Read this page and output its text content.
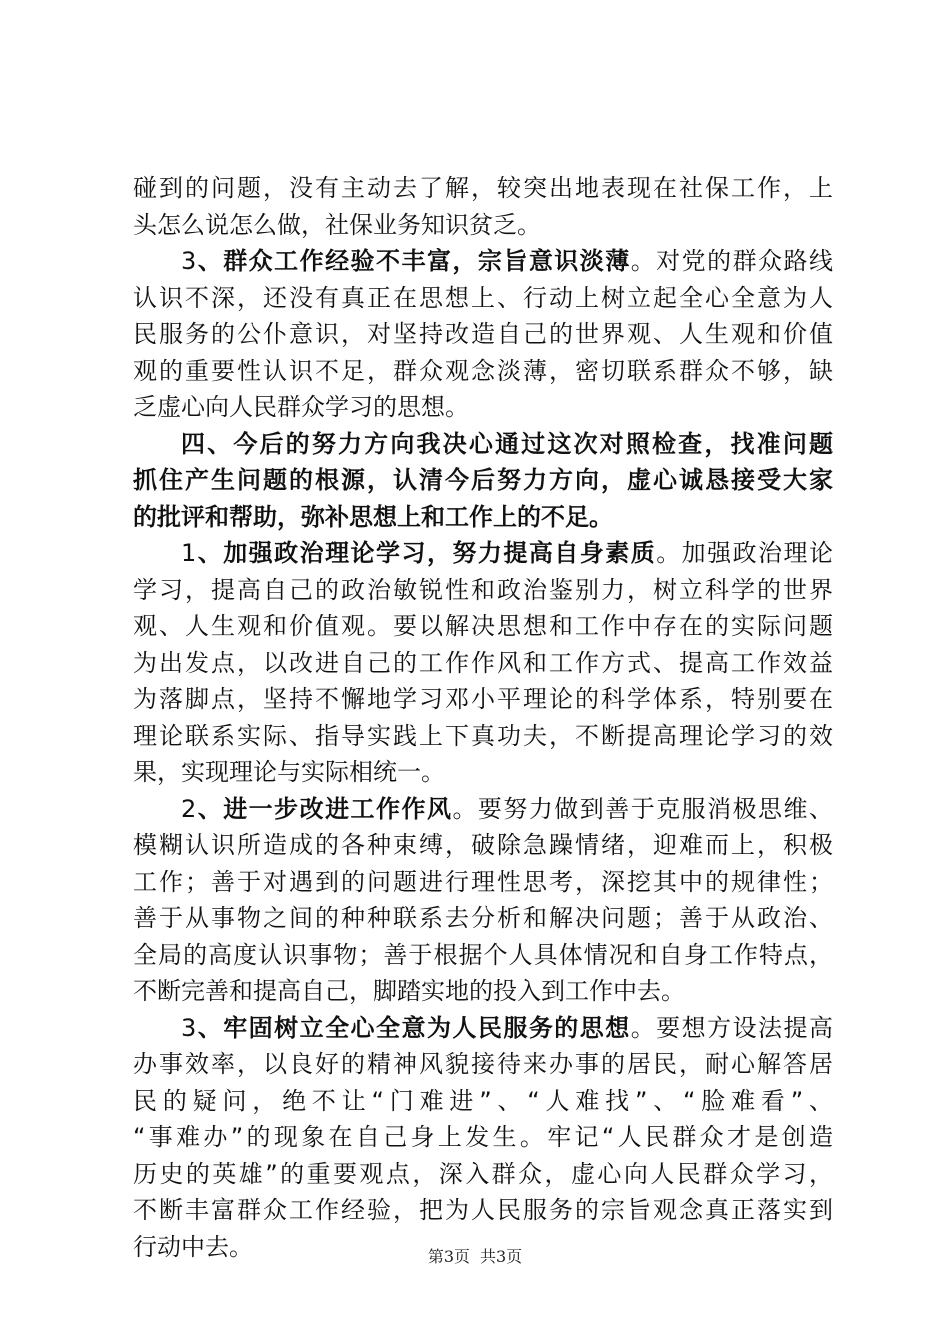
碰到的问题，没有主动去了解，较突出地表现在社保工作，上
头怎么说怎么做，社保业务知识贫乏。
3、群众工作经验不丰富，宗旨意识淡薄。对党的群众路线
认识不深，还没有真正在思想上、行动上树立起全心全意为人
民服务的公仆意识，对坚持改造自己的世界观、人生观和价值
观的重要性认识不足，群众观念淡薄，密切联系群众不够，缺
乏虚心向人民群众学习的思想。
四、今后的努力方向我决心通过这次对照检查，找准问题
抓住产生问题的根源，认清今后努力方向，虚心诚恳接受大家
的批评和帮助，弥补思想上和工作上的不足。
1、加强政治理论学习，努力提高自身素质。加强政治理论
学习，提高自己的政治敏锐性和政治鉴别力，树立科学的世界
观、人生观和价值观。要以解决思想和工作中存在的实际问题
为出发点，以改进自己的工作作风和工作方式、提高工作效益
为落脚点，坚持不懈地学习邓小平理论的科学体系，特别要在
理论联系实际、指导实践上下真功夫，不断提高理论学习的效
果，实现理论与实际相统一。
2、进一步改进工作作风。要努力做到善于克服消极思维、
模糊认识所造成的各种束缚，破除急躁情绪，迎难而上，积极
工作；善于对遇到的问题进行理性思考，深挖其中的规律性；
善于从事物之间的种种联系去分析和解决问题；善于从政治、
全局的高度认识事物；善于根据个人具体情况和自身工作特点，
不断完善和提高自己，脚踏实地的投入到工作中去。
3、牢固树立全心全意为人民服务的思想。要想方设法提高
办事效率，以良好的精神风貌接待来办事的居民，耐心解答居
民的疑问，绝不让“门难进”、“人难找”、“脸难看”、
“事难办”的现象在自己身上发生。牢记“人民群众才是创造
历史的英雄”的重要观点，深入群众，虚心向人民群众学习，
不断丰富群众工作经验，把为人民服务的宗旨观念真正落实到
行动中去。	第3页 共3页
